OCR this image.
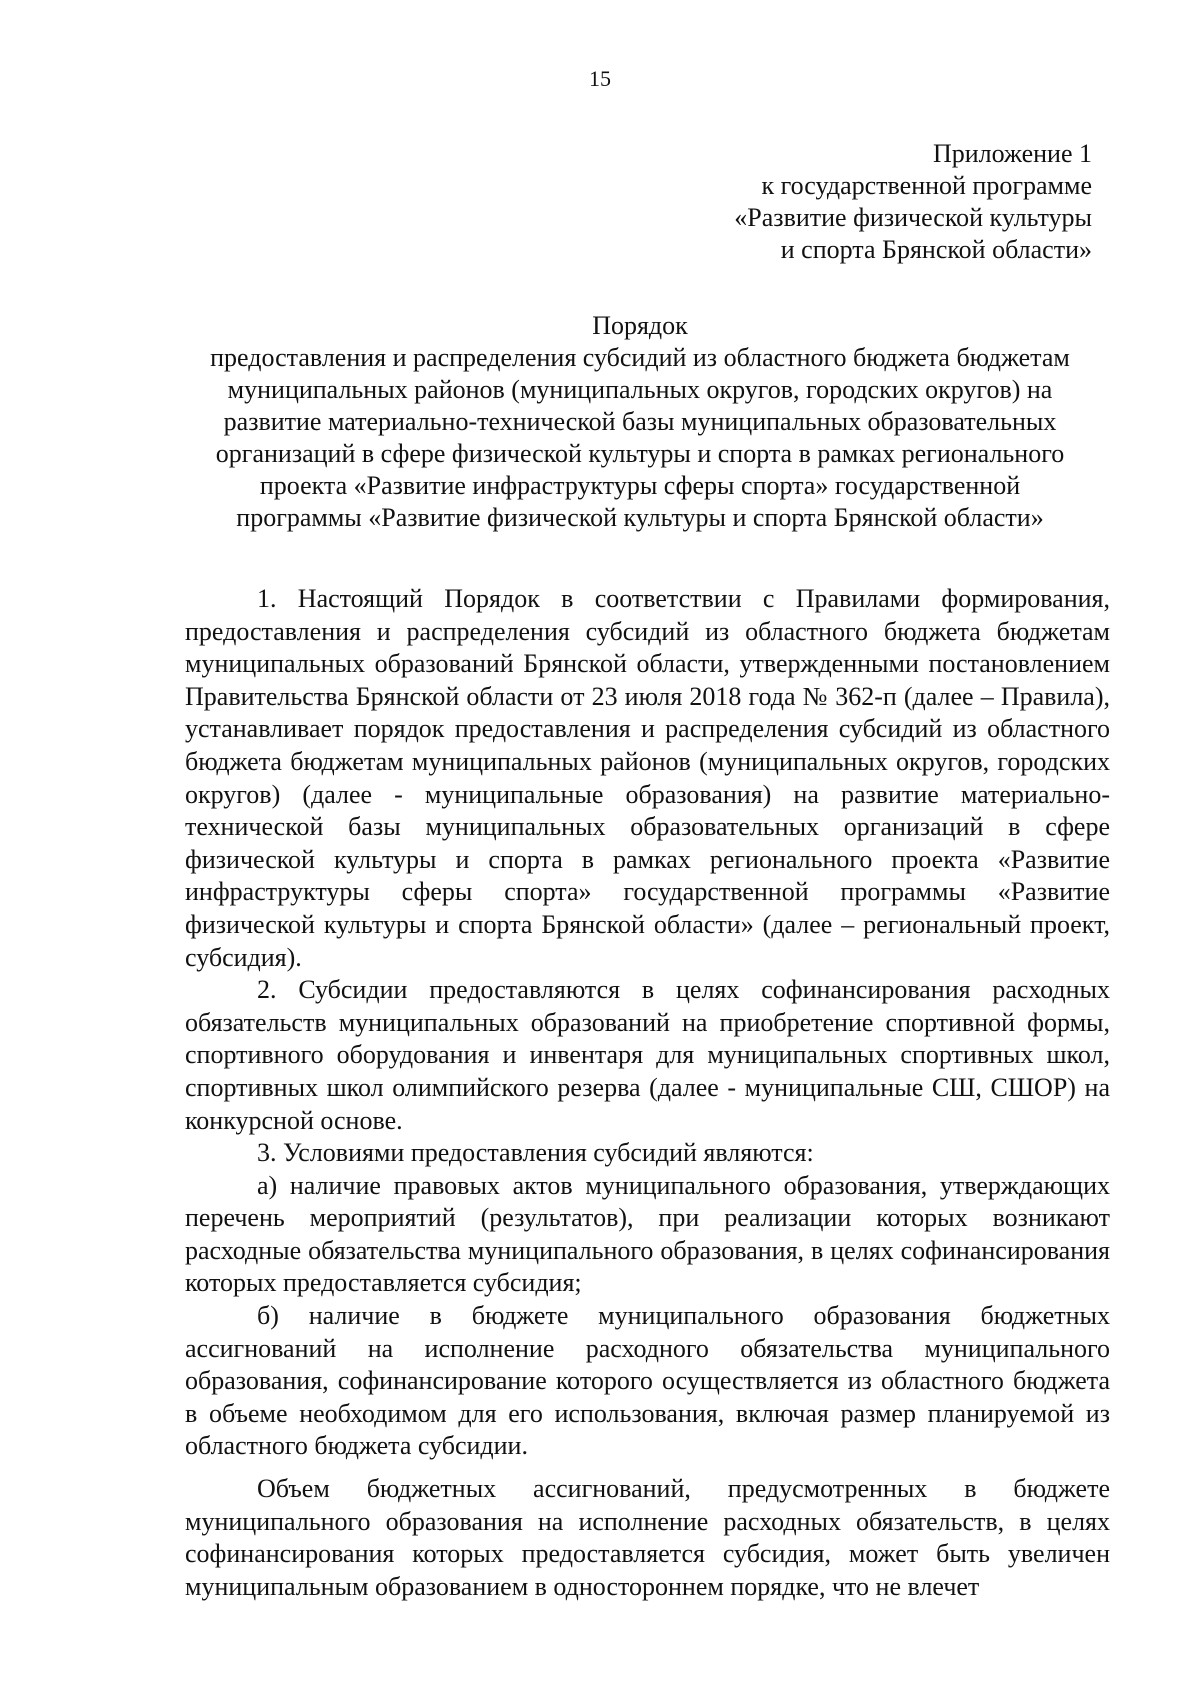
15
Приложение 1
к государственной программе
«Развитие физической культуры
и спорта Брянской области»
Порядок
предоставления и распределения субсидий из областного бюджета бюджетам
муниципальных районов (муниципальных округов, городских округов) на
развитие материально-технической базы муниципальных образовательных
организаций в сфере физической культуры и спорта в рамках регионального
проекта «Развитие инфраструктуры сферы спорта» государственной
программы «Развитие физической культуры и спорта Брянской области»

1. Настоящий Порядок в соответствии с Правилами формирования, предоставления и распределения субсидий из областного бюджета бюджетам муниципальных образований Брянской области, утвержденными постановлением Правительства Брянской области от 23 июля 2018 года № 362-п (далее – Правила), устанавливает порядок предоставления и распределения субсидий из областного бюджета бюджетам муниципальных районов (муниципальных округов, городских округов) (далее - муниципальные образования) на развитие материально-технической базы муниципальных образовательных организаций в сфере физической культуры и спорта в рамках регионального проекта «Развитие инфраструктуры сферы спорта» государственной программы «Развитие физической культуры и спорта Брянской области» (далее – региональный проект, субсидия).

2. Субсидии предоставляются в целях софинансирования расходных обязательств муниципальных образований на приобретение спортивной формы, спортивного оборудования и инвентаря для муниципальных спортивных школ, спортивных школ олимпийского резерва (далее - муниципальные СШ, СШОР) на конкурсной основе.

3. Условиями предоставления субсидий являются:

а) наличие правовых актов муниципального образования, утверждающих перечень мероприятий (результатов), при реализации которых возникают расходные обязательства муниципального образования, в целях софинансирования которых предоставляется субсидия;

б) наличие в бюджете муниципального образования бюджетных ассигнований на исполнение расходного обязательства муниципального образования, софинансирование которого осуществляется из областного бюджета в объеме необходимом для его использования, включая размер планируемой из областного бюджета субсидии.

Объем бюджетных ассигнований, предусмотренных в бюджете муниципального образования на исполнение расходных обязательств, в целях софинансирования которых предоставляется субсидия, может быть увеличен муниципальным образованием в одностороннем порядке, что не влечет
